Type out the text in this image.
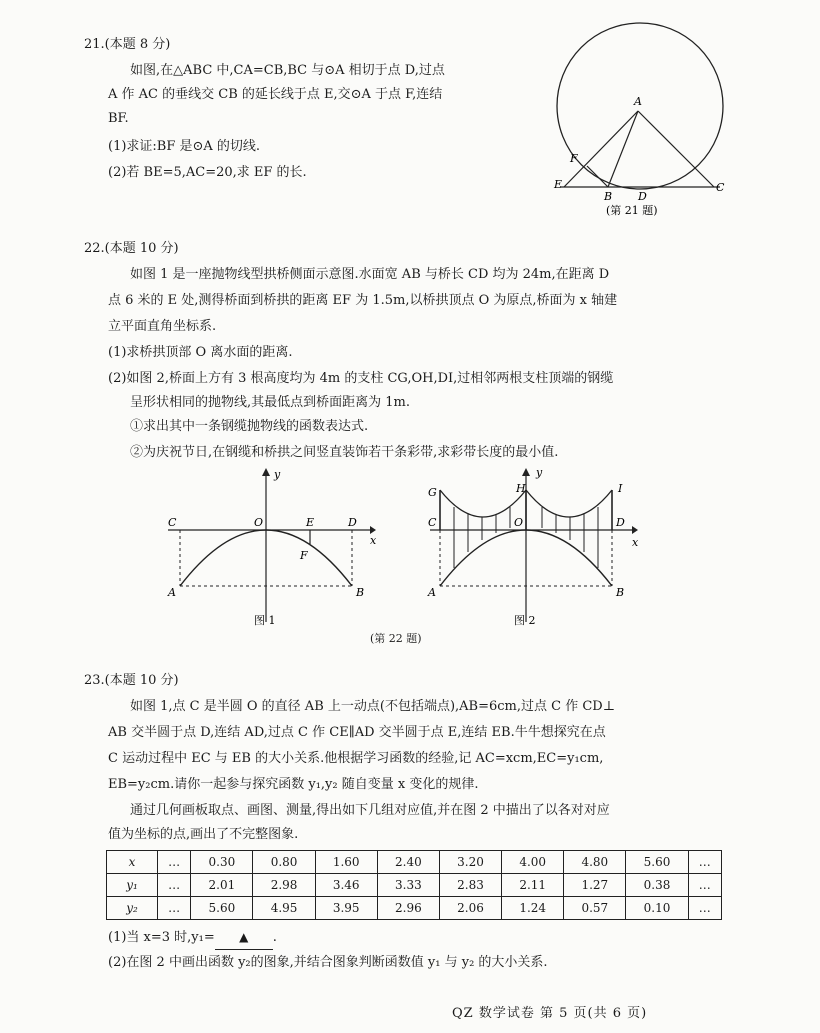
21.(本题 8 分)
如图,在△ABC 中,CA=CB,BC 与⊙A 相切于点 D,过点
A 作 AC 的垂线交 CB 的延长线于点 E,交⊙A 于点 F,连结
BF.
(1)求证:BF 是⊙A 的切线.
(2)若 BE=5,AC=20,求 EF 的长.
A
F
E
B D
C
(第 21 题)
22.(本题 10 分)
如图 1 是一座抛物线型拱桥侧面示意图.水面宽 AB 与桥长 CD 均为 24m,在距离 D
点 6 米的 E 处,测得桥面到桥拱的距离 EF 为 1.5m,以桥拱顶点 O 为原点,桥面为 x 轴建
立平面直角坐标系.
(1)求桥拱顶部 O 离水面的距离.
(2)如图 2,桥面上方有 3 根高度均为 4m 的支柱 CG,OH,DI,过相邻两根支柱顶端的钢缆
呈形状相同的抛物线,其最低点到桥面距离为 1m.
①求出其中一条钢缆抛物线的函数表达式.
②为庆祝节日,在钢缆和桥拱之间竖直装饰若干条彩带,求彩带长度的最小值.
C	O	E	D
x
y
F
A	B
图 1
G	H	I
C	O	D
x
y
A	B
图 2
(第 22 题)
23.(本题 10 分)
如图 1,点 C 是半圆 O 的直径 AB 上一动点(不包括端点),AB=6cm,过点 C 作 CD⊥
AB 交半圆于点 D,连结 AD,过点 C 作 CE∥AD 交半圆于点 E,连结 EB.牛牛想探究在点
C 运动过程中 EC 与 EB 的大小关系.他根据学习函数的经验,记 AC=xcm,EC=y₁cm,
EB=y₂cm.请你一起参与探究函数 y₁,y₂ 随自变量 x 变化的规律.
通过几何画板取点、画图、测量,得出如下几组对应值,并在图 2 中描出了以各对对应
值为坐标的点,画出了不完整图象.
x	…	0.30	0.80	1.60	2.40	3.20	4.00	4.80	5.60	…
y₁	…	2.01	2.98	3.46	3.33	2.83	2.11	1.27	0.38	…
y₂	…	5.60	4.95	3.95	2.96	2.06	1.24	0.57	0.10	…
(1)当 x=3 时,y₁= ▲ .
(2)在图 2 中画出函数 y₂的图象,并结合图象判断函数值 y₁ 与 y₂ 的大小关系.
QZ 数学试卷 第 5 页(共 6 页)
